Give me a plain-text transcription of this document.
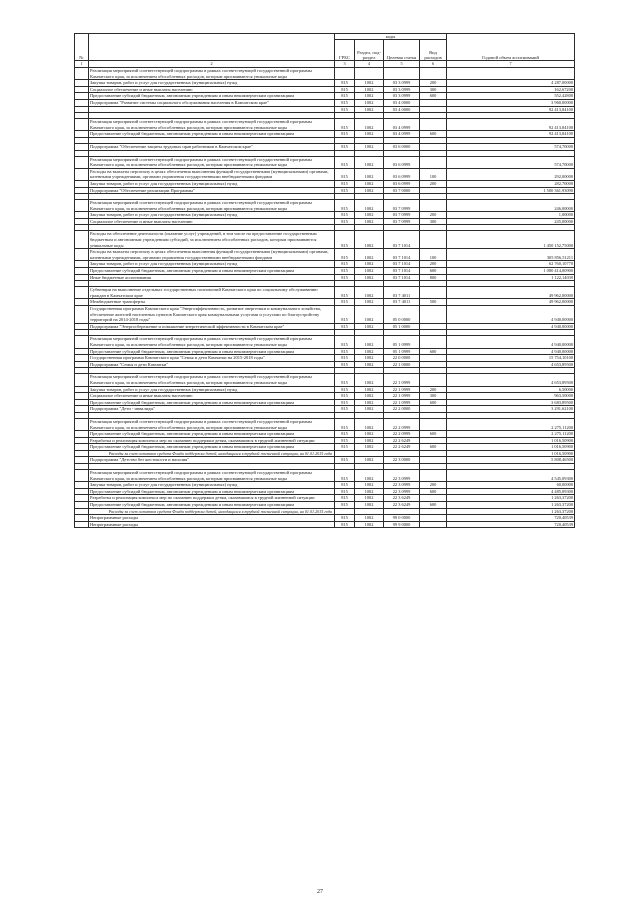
№		коды				Годовой объем ассигнований
		ГРБС	Раздел, под-раздел	Целевая статья	Вид расходов	
1	2	3	4	5	6	7
	Реализация мероприятий соответствующей подпрограммы в рамках соответствующей государственной программы Камчатского края, за исключением обособленных расходов, которым присваиваются уникальные коды					
	Закупка товаров, работ и услуг для государственных (муниципальных) нужд	815	1002	03 3 0999	200	4 287,00000
	Социальное обеспечение и иные выплаты населению	815	1002	03 3 0999	300	162,67200
	Предоставление субсидий бюджетным, автономным учреждениям и иным некоммерческим организациям	815	1002	03 3 0999	600	552,42800
	Подпрограмма "Развитие системы социального обслуживания населения в Камчатском крае"	815	1002	03 4 0000		3 960,00000
		815	1002	03 4 0000		92 413,84100

	Реализация мероприятий соответствующей подпрограммы в рамках соответствующей государственной программы Камчатского края, за исключением обособленных расходов, которым присваиваются уникальные коды	815	1002	03 4 0999		92 413,84100
	Предоставление субсидий бюджетным, автономным учреждениям и иным некоммерческим организациям	815	1002	03 4 0999	600	92 413,84100

	Подпрограмма "Обеспечение защиты трудовых прав работников в Камчатском крае"	815	1002	03 6 0000		574,70000

	Реализация мероприятий соответствующей подпрограммы в рамках соответствующей государственной программы Камчатского края, за исключением обособленных расходов, которым присваиваются уникальные коды	815	1002	03 6 0999		574,70000
	Расходы на выплаты персоналу в целях обеспечения выполнения функций государственными (муниципальными) органами, казенными учреждениями, органами управления государственными внебюджетными фондами	815	1002	03 6 0999	100	292,00000
	Закупка товаров, работ и услуг для государственных (муниципальных) нужд	815	1002	03 6 0999	200	282,70000
	Подпрограмма "Обеспечение реализации Программы"	815	1002	03 7 0000		1 500 361,93090

	Реализация мероприятий соответствующей подпрограммы в рамках соответствующей государственной программы Камчатского края, за исключением обособленных расходов, которым присваиваются уникальные коды	815	1002	03 7 0999		246,00000
	Закупка товаров, работ и услуг для государственных (муниципальных) нужд	815	1002	03 7 0999	200	1,00000
	Социальное обеспечение и иные выплаты населению	815	1002	03 7 0999	300	245,00000

	Расходы на обеспечение деятельности (оказание услуг) учреждений, в том числе на предоставление государственным бюджетным и автономным учреждениям субсидий, за исключением обособленных расходов, которым присваиваются уникальные коды	815	1002	03 7 1014		1 450 152,75000
	Расходы на выплаты персоналу в целях обеспечения выполнения функций государственными (муниципальными) органами, казенными учреждениями, органами управления государственными внебюджетными фондами	815	1002	03 7 1014	100	305 856,51211
	Закупка товаров, работ и услуг для государственных (муниципальных) нужд	815	1002	03 7 1014	200	62 760,10770
	Предоставление субсидий бюджетным, автономным учреждениям и иным некоммерческим организациям	815	1002	03 7 1014	600	1 080 414,00900
	Иные бюджетные ассигнования	815	1002	03 7 1014	800	1 122,14039

	Субвенции на выполнение отдельных государственных полномочий Камчатского края по социальному обслуживанию граждан в Камчатском крае	815	1002	03 7 4011		49 962,00000
	Межбюджетные трансферты	815	1002	03 7 4011	500	49 962,00000
	Государственная программа Камчатского края "Энергоэффективность, развитие энергетики и коммунального хозяйства, обеспечение жителей населенных пунктов Камчатского края коммунальными услугами и услугами по благоустройству территорий на 2014-2018 годы"	815	1002	05 0 0000		4 940,00000
	Подпрограмма "Энергосбережение и повышение энергетической эффективности в Камчатском крае"	815	1002	05 1 0000		4 940,00000

	Реализация мероприятий соответствующей подпрограммы в рамках соответствующей государственной программы Камчатского края, за исключением обособленных расходов, которым присваиваются уникальные коды	815	1002	05 1 0999		4 940,00000
	Предоставление субсидий бюджетным, автономным учреждениям и иным некоммерческим организациям	815	1002	05 1 0999	600	4 940,00000
	Государственная программа Камчатского края "Семья и дети Камчатки на 2015-2018 годы"	815	1002	22 0 0000		15 754,10100
	Подпрограмма "Семья и дети Камчатки"	815	1002	22 1 0000		4 653,89500

	Реализация мероприятий соответствующей подпрограммы в рамках соответствующей государственной программы Камчатского края, за исключением обособленных расходов, которым присваиваются уникальные коды	815	1002	22 1 0999		4 653,89500
	Закупка товаров, работ и услуг для государственных (муниципальных) нужд	815	1002	22 1 0999	200	6,50000
	Социальное обеспечение и иные выплаты населению	815	1002	22 1 0999	300	963,50000
	Предоставление субсидий бюджетным, автономным учреждениям и иным некоммерческим организациям	815	1002	22 1 0999	600	3 683,89500
	Подпрограмма "Дети - инвалиды"	815	1002	22 2 0000		3 291,62100

	Реализация мероприятий соответствующей подпрограммы в рамках соответствующей государственной программы Камчатского края, за исключением обособленных расходов, которым присваиваются уникальные коды	815	1002	22 2 0999		2 275,11200
	Предоставление субсидий бюджетным, автономным учреждениям и иным некоммерческим организациям	815	1002	22 2 0999	600	2 275,11200
	Разработка и реализация комплекса мер по оказанию поддержки детям, оказавшимся в трудной жизненной ситуации	815	1002	22 2 6249		1 016,50900
	Предоставление субсидий бюджетным, автономным учреждениям и иным некоммерческим организациям	815	1002	22 2 6249	600	1 016,50900

	Расходы за счет остатков средств Фонда поддержки детей, находящихся в трудной жизненной ситуации, на 01.01.2015 года					1 016,50900
	Подпрограмма "Детство без жестокости и насилия"	815	1002	22 3 0000		5 808,46500

	Реализация мероприятий соответствующей подпрограммы в рамках соответствующей государственной программы Камчатского края, за исключением обособленных расходов, которым присваиваются уникальные коды	815	1002	22 3 0999		4 545,09300
	Закупка товаров, работ и услуг для государственных (муниципальных) нужд	815	1002	22 3 0999	200	60,00000
	Предоставление субсидий бюджетным, автономным учреждениям и иным некоммерческим организациям	815	1002	22 3 0999	600	4 485,09300
	Разработка и реализация комплекса мер по оказанию поддержки детям, оказавшимся в трудной жизненной ситуации	815	1002	22 3 6249		1 263,37200
	Предоставление субсидий бюджетным, автономным учреждениям и иным некоммерческим организациям	815	1002	22 3 6249	600	1 263,37200

	Расходы за счет остатков средств Фонда поддержки детей, находящихся в трудной жизненной ситуации, на 01.01.2015 года					1 263,37200
	Непрограммные расходы	815	1002	99 0 0000		720,40539
	Непрограммные расходы	815	1002	99 9 0000		720,40539
27
